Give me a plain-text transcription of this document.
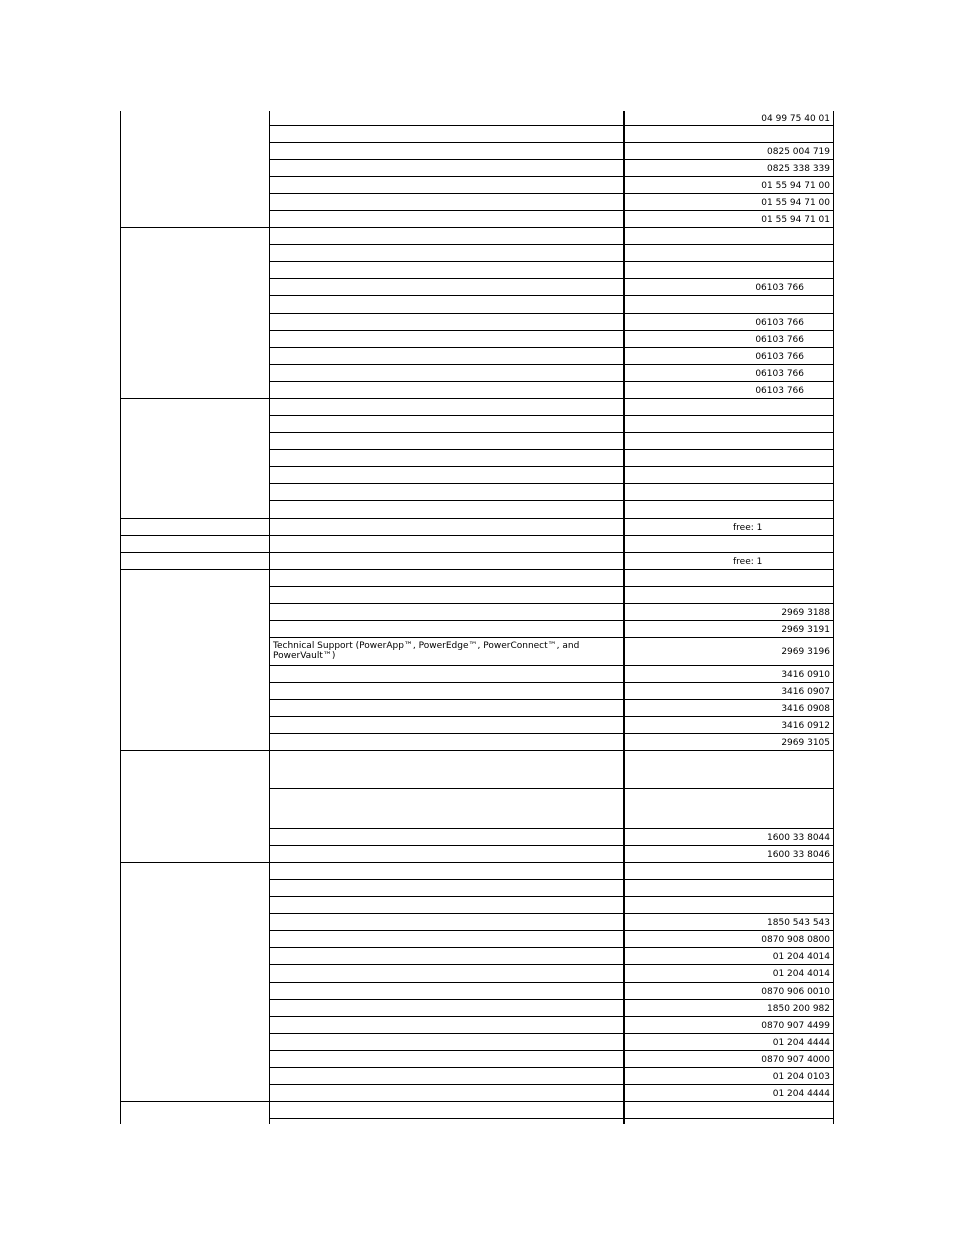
04 99 75 40 01
0825 004 719
0825 338 339
01 55 94 71 00
01 55 94 71 00
01 55 94 71 01
06103 766
06103 766
06103 766
06103 766
06103 766
06103 766
free: 1
free: 1
2969 3188
2969 3191
Technical Support (PowerApp™, PowerEdge™, PowerConnect™, and PowerVault™)	2969 3196
3416 0910
3416 0907
3416 0908
3416 0912
2969 3105
1600 33 8044
1600 33 8046
1850 543 543
0870 908 0800
01 204 4014
01 204 4014
0870 906 0010
1850 200 982
0870 907 4499
01 204 4444
0870 907 4000
01 204 0103
01 204 4444
